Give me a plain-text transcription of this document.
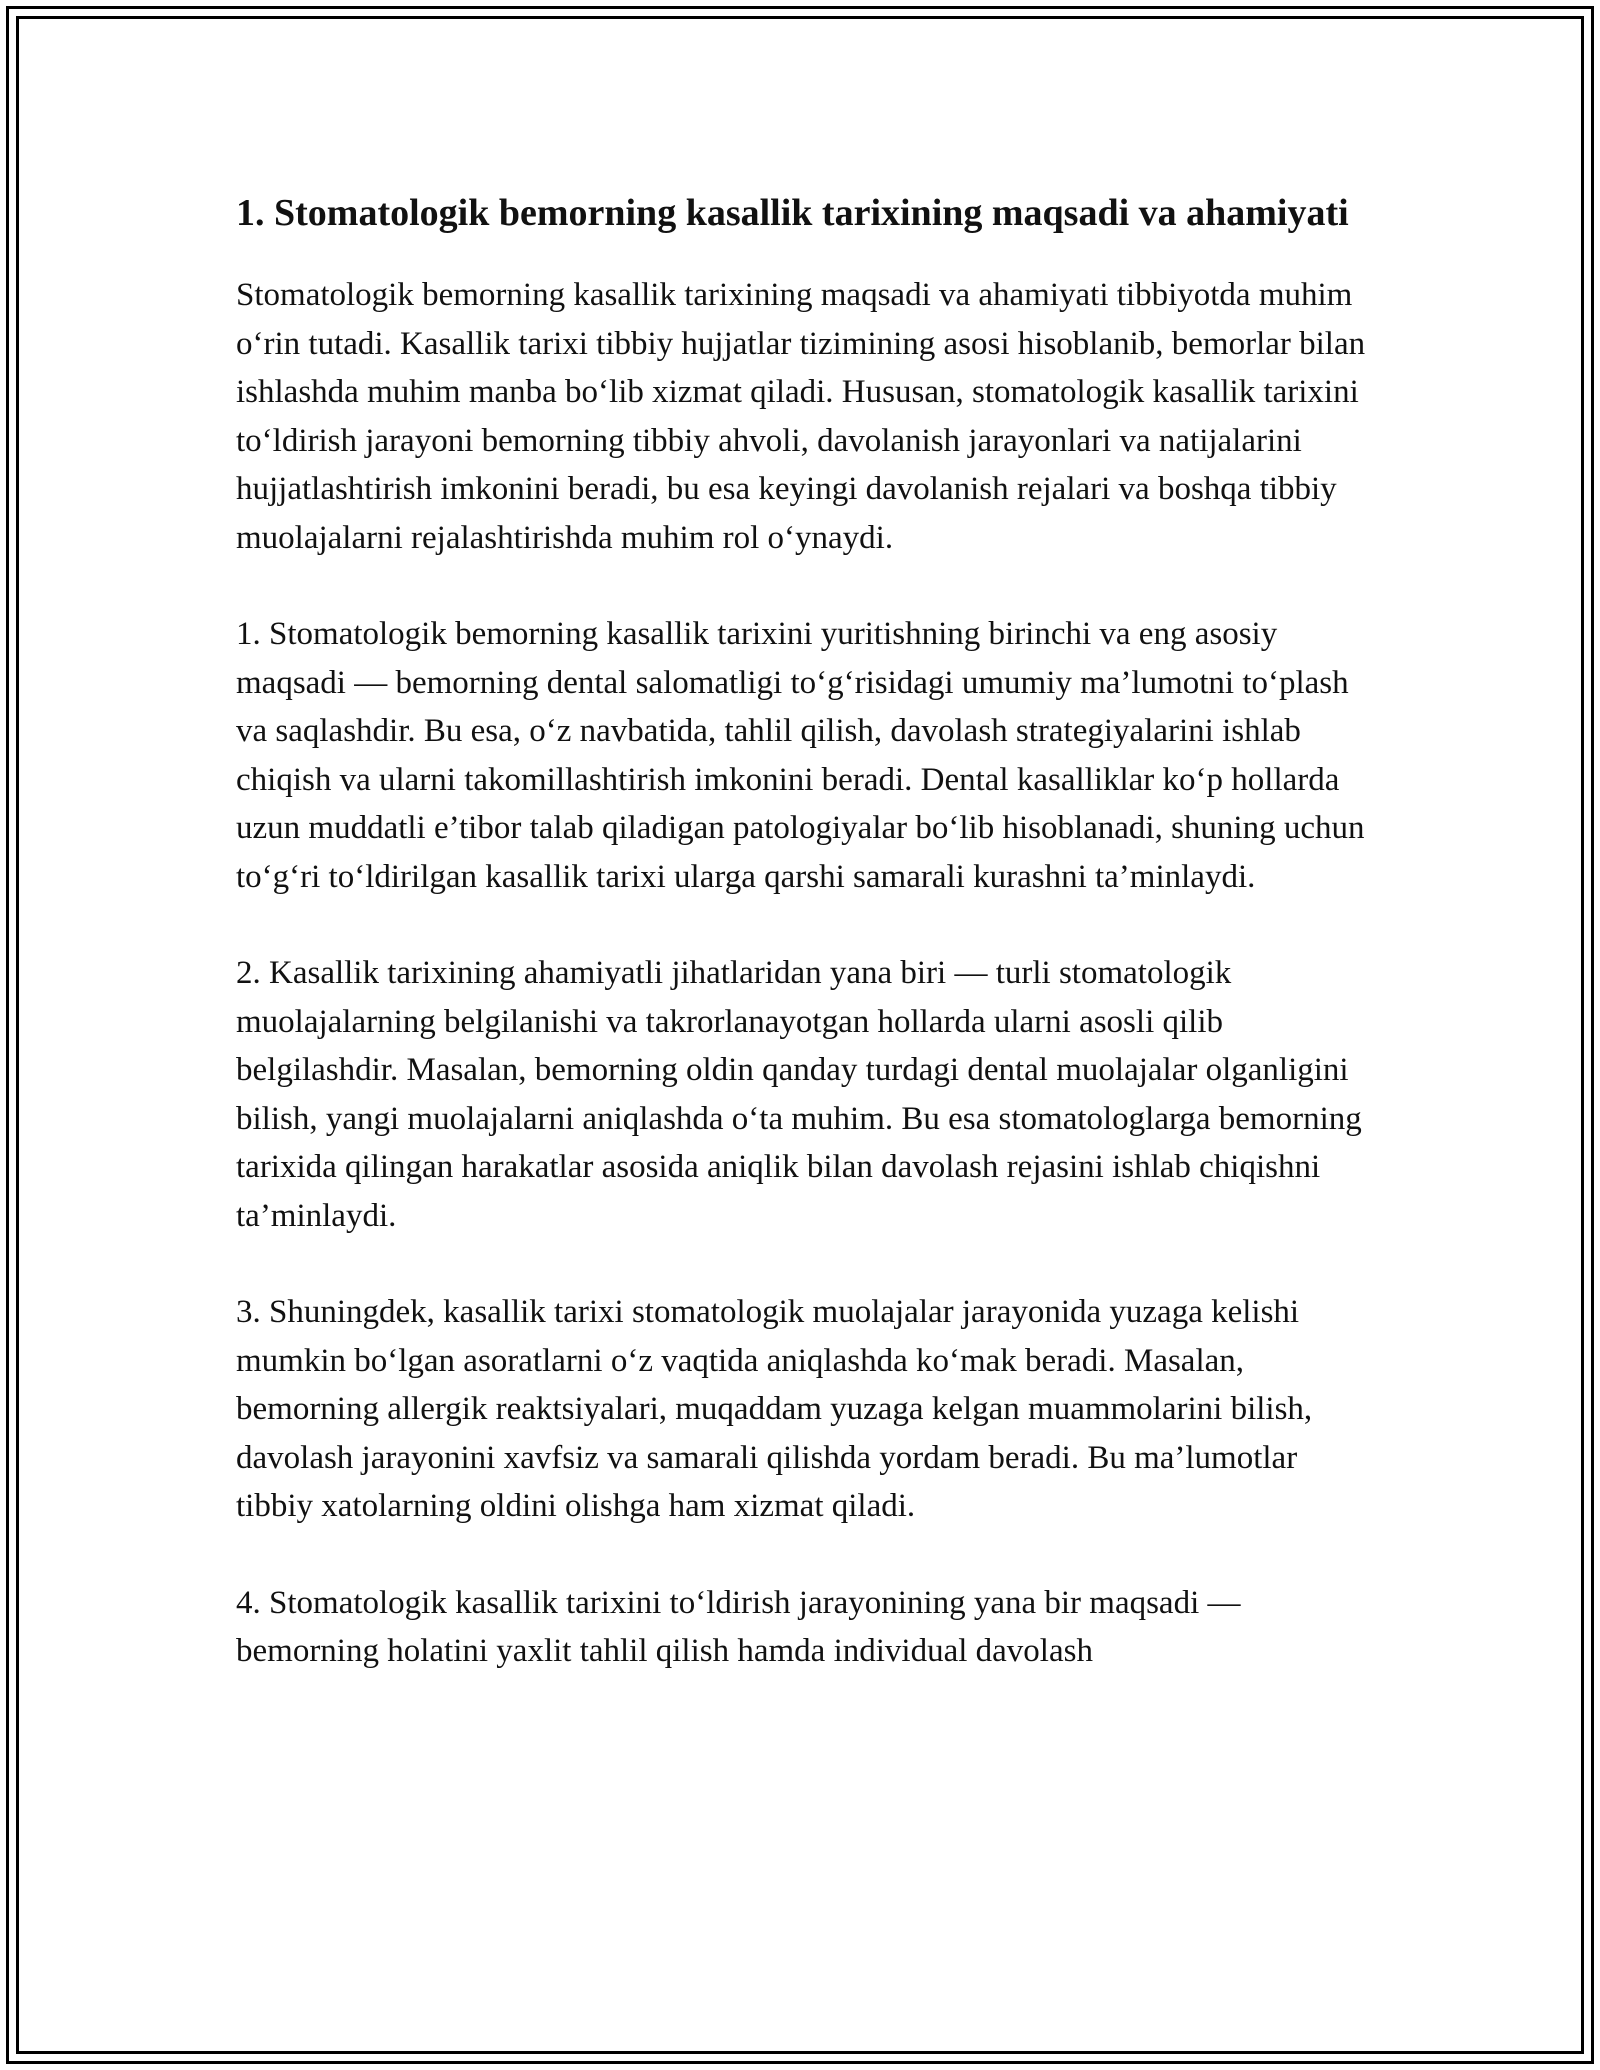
1. Stomatologik bemorning kasallik tarixining maqsadi va ahamiyati

Stomatologik bemorning kasallik tarixining maqsadi va ahamiyati tibbiyotda muhim o‘rin tutadi. Kasallik tarixi tibbiy hujjatlar tizimining asosi hisoblanib, bemorlar bilan ishlashda muhim manba bo‘lib xizmat qiladi. Hususan, stomatologik kasallik tarixini to‘ldirish jarayoni bemorning tibbiy ahvoli, davolanish jarayonlari va natijalarini hujjatlashtirish imkonini beradi, bu esa keyingi davolanish rejalari va boshqa tibbiy muolajalarni rejalashtirishda muhim rol o‘ynaydi.

1. Stomatologik bemorning kasallik tarixini yuritishning birinchi va eng asosiy maqsadi — bemorning dental salomatligi to‘g‘risidagi umumiy ma’lumotni to‘plash va saqlashdir. Bu esa, o‘z navbatida, tahlil qilish, davolash strategiyalarini ishlab chiqish va ularni takomillashtirish imkonini beradi. Dental kasalliklar ko‘p hollarda uzun muddatli e’tibor talab qiladigan patologiyalar bo‘lib hisoblanadi, shuning uchun to‘g‘ri to‘ldirilgan kasallik tarixi ularga qarshi samarali kurashni ta’minlaydi.

2. Kasallik tarixining ahamiyatli jihatlaridan yana biri — turli stomatologik muolajalarning belgilanishi va takrorlanayotgan hollarda ularni asosli qilib belgilashdir. Masalan, bemorning oldin qanday turdagi dental muolajalar olganligini bilish, yangi muolajalarni aniqlashda o‘ta muhim. Bu esa stomatologlarga bemorning tarixida qilingan harakatlar asosida aniqlik bilan davolash rejasini ishlab chiqishni ta’minlaydi.

3. Shuningdek, kasallik tarixi stomatologik muolajalar jarayonida yuzaga kelishi mumkin bo‘lgan asoratlarni o‘z vaqtida aniqlashda ko‘mak beradi. Masalan, bemorning allergik reaktsiyalari, muqaddam yuzaga kelgan muammolarini bilish, davolash jarayonini xavfsiz va samarali qilishda yordam beradi. Bu ma’lumotlar tibbiy xatolarning oldini olishga ham xizmat qiladi.

4. Stomatologik kasallik tarixini to‘ldirish jarayonining yana bir maqsadi — bemorning holatini yaxlit tahlil qilish hamda individual davolash
